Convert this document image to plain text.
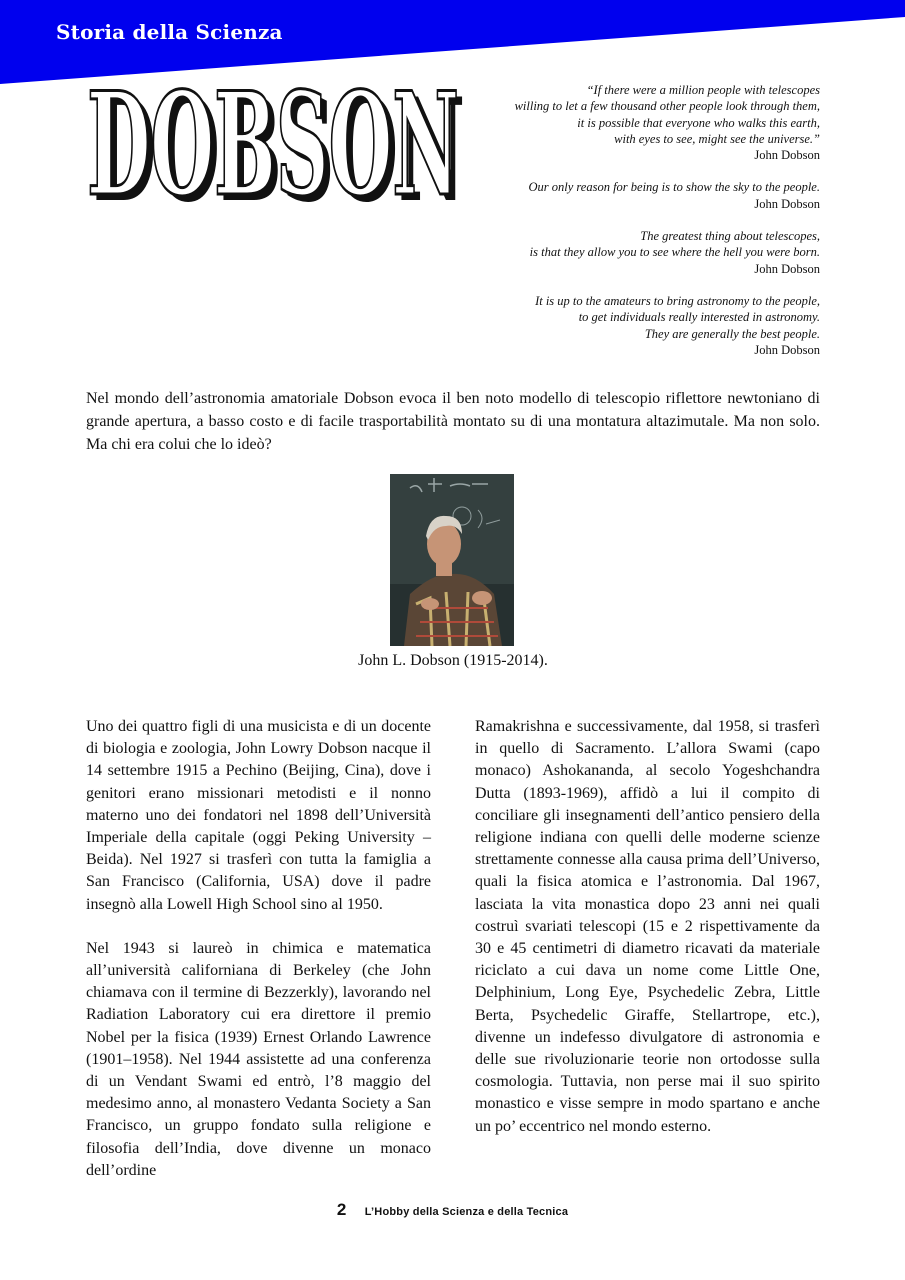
Storia della Scienza
DOBSON
DOBSON	“If there were a million people with telescopes
willing to let a few thousand other people look through them,
it is possible that everyone who walks this earth,
with eyes to see, might see the universe.”
John Dobson
Our only reason for being is to show the sky to the people.
John Dobson
The greatest thing about telescopes,
is that they allow you to see where the hell you were born.
John Dobson
It is up to the amateurs to bring astronomy to the people,
to get individuals really interested in astronomy.
They are generally the best people.
John Dobson

Nel mondo dell’astronomia amatoriale Dobson evoca il ben noto modello di telescopio riflettore newtoniano di grande apertura, a basso costo e di facile trasportabilità montato su di una montatura altazimutale. Ma non solo. Ma chi era colui che lo ideò?

John L. Dobson (1915-2014).

Uno dei quattro figli di una musicista e di un docente di biologia e zoologia, John Lowry Dobson nacque il 14 settembre 1915 a Pechino (Beijing, Cina), dove i genitori erano missionari metodisti e il nonno materno uno dei fondatori nel 1898 dell’Università Imperiale della capitale (oggi Peking University – Beida). Nel 1927 si trasferì con tutta la famiglia a San Francisco (California, USA) dove il padre insegnò alla Lowell High School sino al 1950.

Nel 1943 si laureò in chimica e matematica all’università californiana di Berkeley (che John chiamava con il termine di Bezzerkly), lavorando nel Radiation Laboratory cui era direttore il premio Nobel per la fisica (1939) Ernest Orlando Lawrence (1901–1958). Nel 1944 assistette ad una conferenza di un Vendant Swami ed entrò, l’8 maggio del medesimo anno, al monastero Vedanta Society a San Francisco, un gruppo fondato sulla religione e filosofia dell’India, dove divenne un monaco dell’ordine

Ramakrishna e successivamente, dal 1958, si trasferì in quello di Sacramento. L’allora Swami (capo monaco) Ashokananda, al secolo Yogeshchandra Dutta (1893-1969), affidò a lui il compito di conciliare gli insegnamenti dell’antico pensiero della religione indiana con quelli delle moderne scienze strettamente connesse alla causa prima dell’Universo, quali la fisica atomica e l’astronomia. Dal 1967, lasciata la vita monastica dopo 23 anni nei quali costruì svariati telescopi (15 e 2 rispettivamente da 30 e 45 centimetri di diametro ricavati da materiale riciclato a cui dava un nome come Little One, Delphinium, Long Eye, Psychedelic Zebra, Little Berta, Psychedelic Giraffe, Stellartrope, etc.), divenne un indefesso divulgatore di astronomia e delle sue rivoluzionarie teorie non ortodosse sulla cosmologia. Tuttavia, non perse mai il suo spirito monastico e visse sempre in modo spartano e anche un po’ eccentrico nel mondo esterno.

2 L’Hobby della Scienza e della Tecnica
